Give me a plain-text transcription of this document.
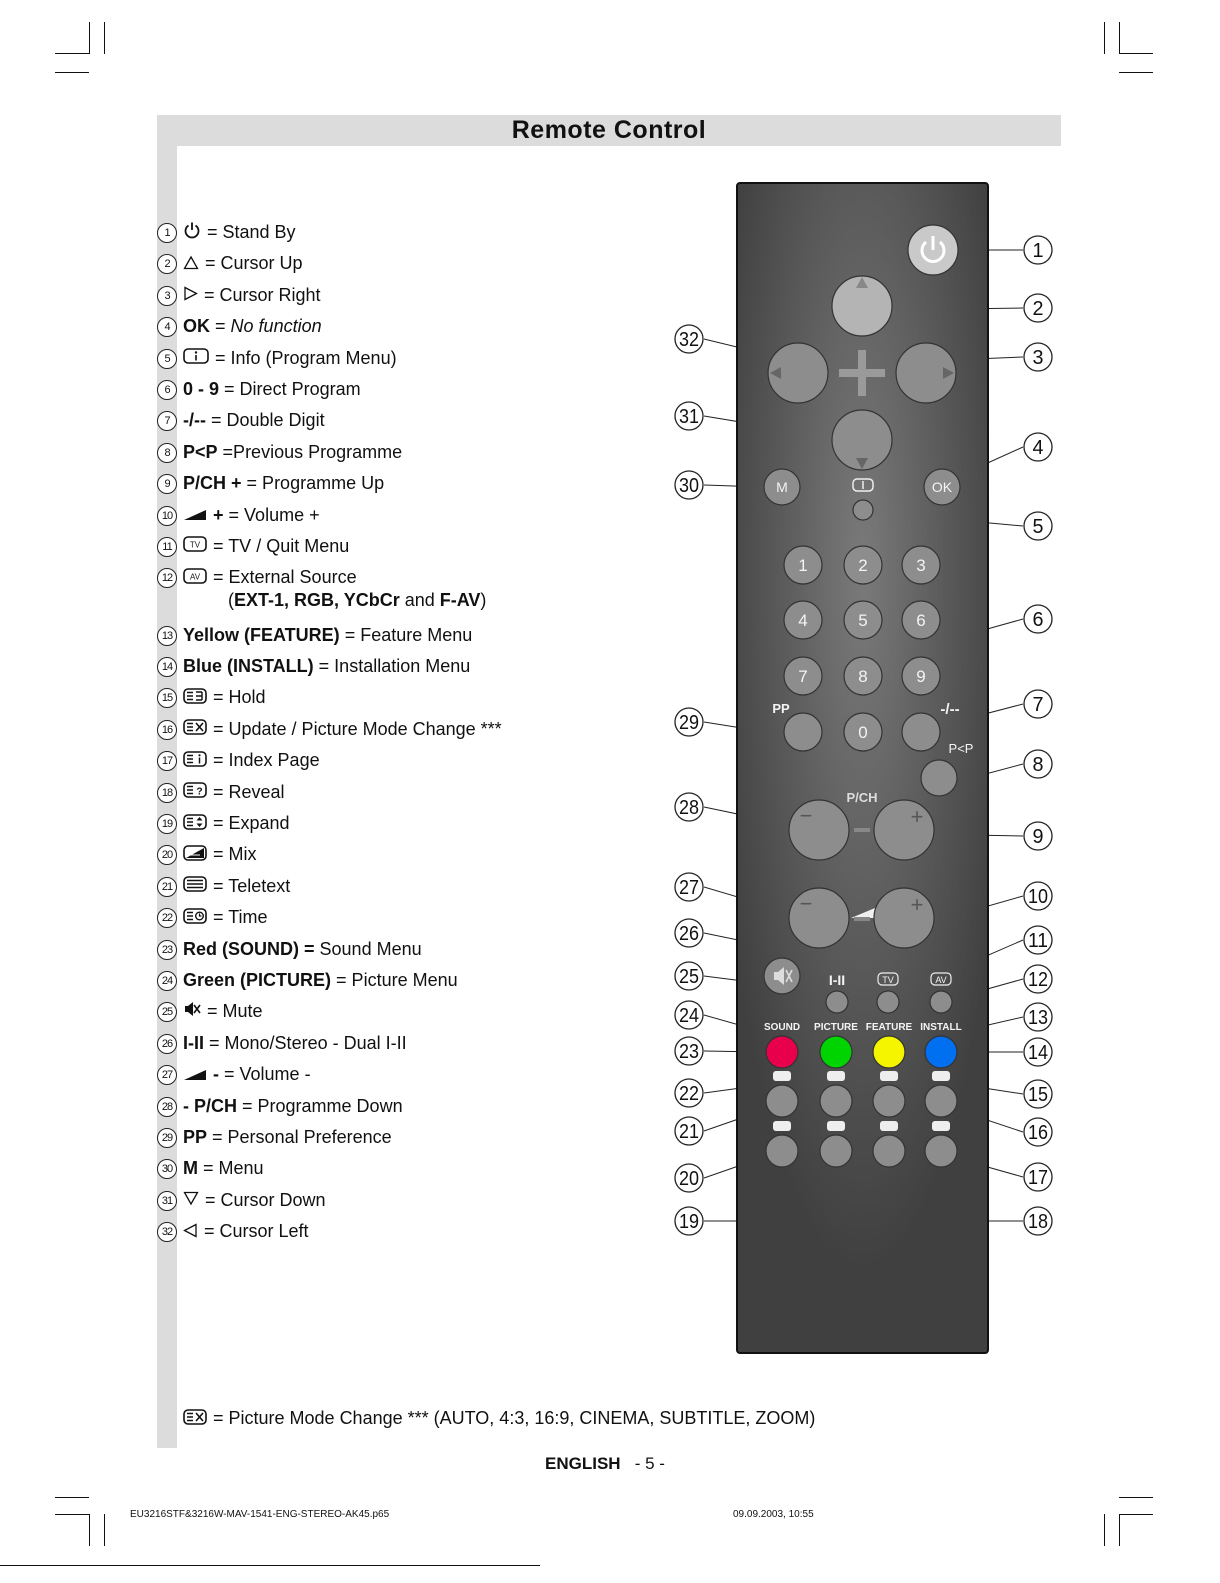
Remote Control
1	= Stand By
2	= Cursor Up
3	= Cursor Right
4 OK = No function
5	= Info (Program Menu)
6 0 - 9 = Direct Program
7 -/-- = Double Digit
8 P<P =Previous Programme
9 P/CH + = Programme Up
10	+ = Volume +
11	TV = TV / Quit Menu
12	AV = External Source
(EXT-1, RGB, YCbCr and F-AV)
13 Yellow (FEATURE) = Feature Menu
14 Blue (INSTALL) = Installation Menu
15	= Hold
16	= Update / Picture Mode Change ***
17	= Index Page
18	? = Reveal
19	= Expand
20	= Mix
21	= Teletext
22	= Time
23 Red (SOUND) = Sound Menu
24 Green (PICTURE) = Picture Menu
25	= Mute
26 I-II = Mono/Stereo - Dual I-II
27	- = Volume -
28 - P/CH = Programme Down
29 PP = Personal Preference
30 M = Menu
31	= Cursor Down
32	= Cursor Left
= Picture Mode Change *** (AUTO, 4:3, 16:9, CINEMA, SUBTITLE, ZOOM)
ENGLISH - 5 -
EU3216STF&3216W-MAV-1541-ENG-STEREO-AK45.p65	09.09.2003, 10:55
M	OK
1	2	3
4	5	6
7	8	9
0
PP	-/--
P<P
P/CH
−	+
−	+
I-II	TV	AV
SOUND PICTURE FEATURE INSTALL
1
2
3
4
5
6
7
8
9
10
11
12
13
14
15
16
17
18
19
20
21
22
23
24
25
26
27
28
29
30
31
32
